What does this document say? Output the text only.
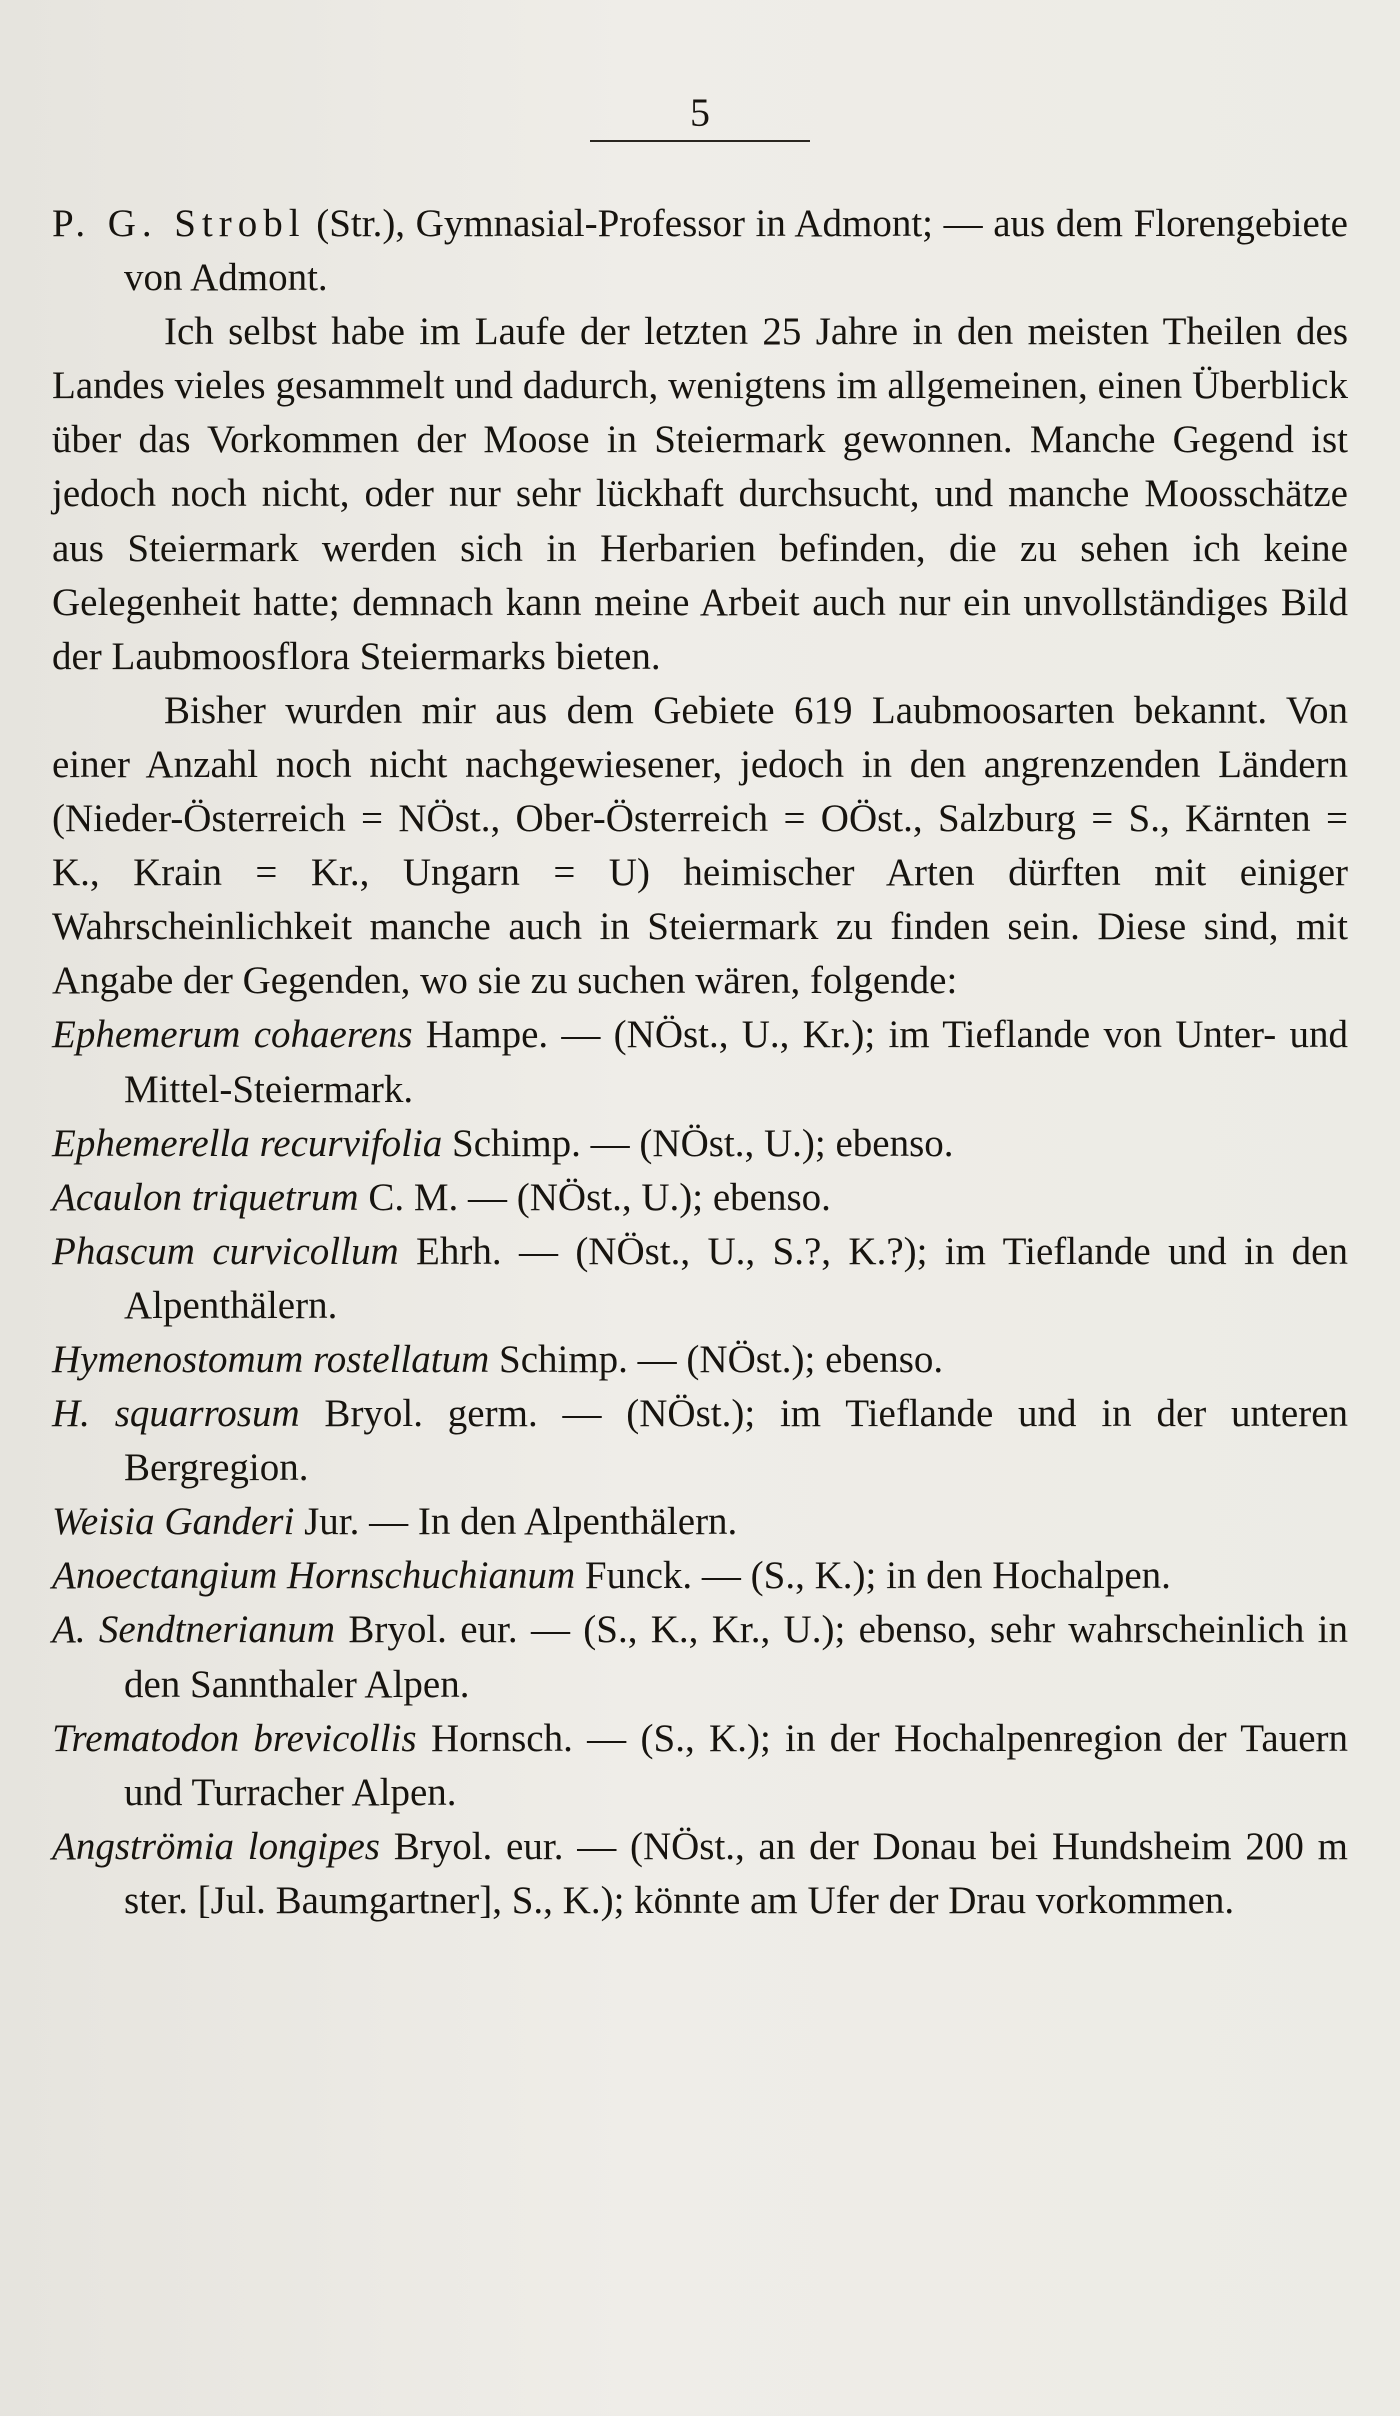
5

P. G. Strobl (Str.), Gymnasial-Professor in Admont; — aus dem Florengebiete von Admont.

Ich selbst habe im Laufe der letzten 25 Jahre in den meisten Theilen des Landes vieles gesammelt und dadurch, wenigtens im allgemeinen, einen Überblick über das Vorkommen der Moose in Steiermark gewonnen. Manche Gegend ist jedoch noch nicht, oder nur sehr lückhaft durchsucht, und manche Moosschätze aus Steiermark werden sich in Herbarien befinden, die zu sehen ich keine Gelegenheit hatte; demnach kann meine Arbeit auch nur ein unvollständiges Bild der Laubmoosflora Steiermarks bieten.

Bisher wurden mir aus dem Gebiete 619 Laubmoosarten bekannt. Von einer Anzahl noch nicht nachgewiesener, jedoch in den angrenzenden Ländern (Nieder-Österreich = NÖst., Ober-Österreich = OÖst., Salzburg = S., Kärnten = K., Krain = Kr., Ungarn = U) heimischer Arten dürften mit einiger Wahrscheinlichkeit manche auch in Steiermark zu finden sein. Diese sind, mit Angabe der Gegenden, wo sie zu suchen wären, folgende:

Ephemerum cohaerens Hampe. — (NÖst., U., Kr.); im Tieflande von Unter- und Mittel-Steiermark.

Ephemerella recurvifolia Schimp. — (NÖst., U.); ebenso.

Acaulon triquetrum C. M. — (NÖst., U.); ebenso.

Phascum curvicollum Ehrh. — (NÖst., U., S.?, K.?); im Tieflande und in den Alpenthälern.

Hymenostomum rostellatum Schimp. — (NÖst.); ebenso.

H. squarrosum Bryol. germ. — (NÖst.); im Tieflande und in der unteren Bergregion.

Weisia Ganderi Jur. — In den Alpenthälern.

Anoectangium Hornschuchianum Funck. — (S., K.); in den Hochalpen.

A. Sendtnerianum Bryol. eur. — (S., K., Kr., U.); ebenso, sehr wahrscheinlich in den Sannthaler Alpen.

Trematodon brevicollis Hornsch. — (S., K.); in der Hochalpenregion der Tauern und Turracher Alpen.

Angströmia longipes Bryol. eur. — (NÖst., an der Donau bei Hundsheim 200 m ster. [Jul. Baumgartner], S., K.); könnte am Ufer der Drau vorkommen.
